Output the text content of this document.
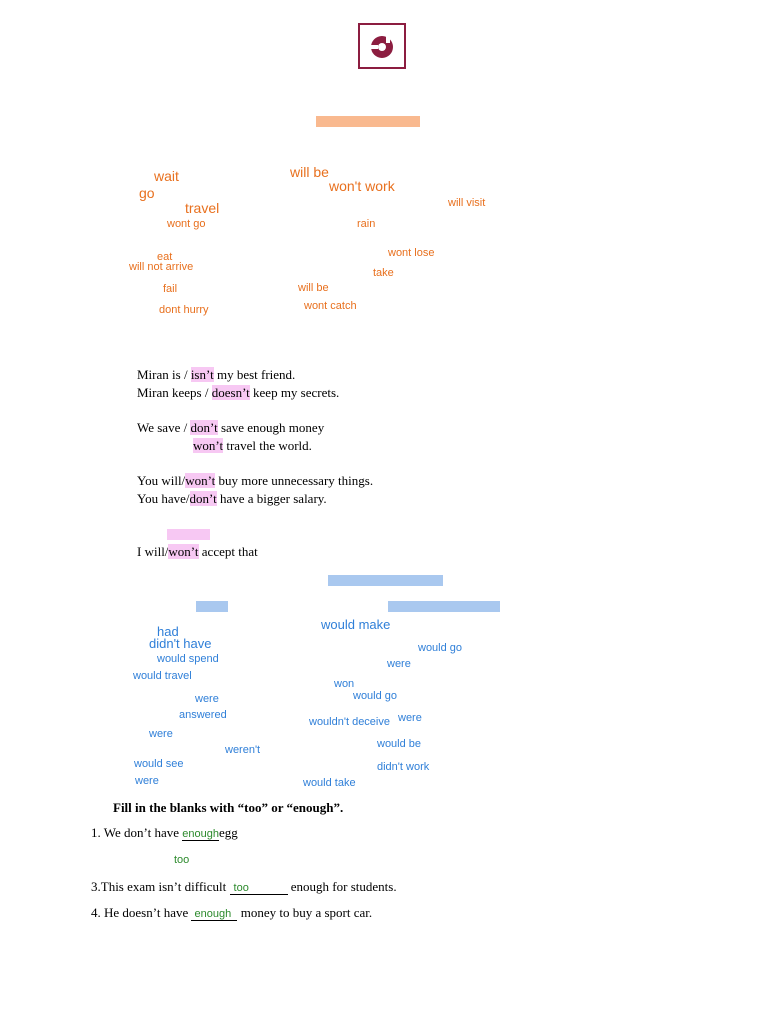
wait
go
travel
wont go
will be
won't work
will visit
rain
eat
will not arrive
wont lose
take
fail	will be
dont hurry	wont catch
Miran is / isn’t my best friend.
Miran keeps / doesn’t keep my secrets.
We save / don’t save enough money
won’t travel the world.
You will/won’t buy more unnecessary things.
You have/don’t have a bigger salary.
I will/won’t accept that
had
didn't have
would spend
would travel
would make
would go
were
won
would go
were
answered
wouldn't deceive were
were
would be
weren't
would see	didn't work
were	would take
Fill in the blanks with “too” or “enough”.
1. We don’t have enoughegg
too
3.This exam isn’t difficult too	enough for students.
4. He doesn’t have enough money to buy a sport car.
